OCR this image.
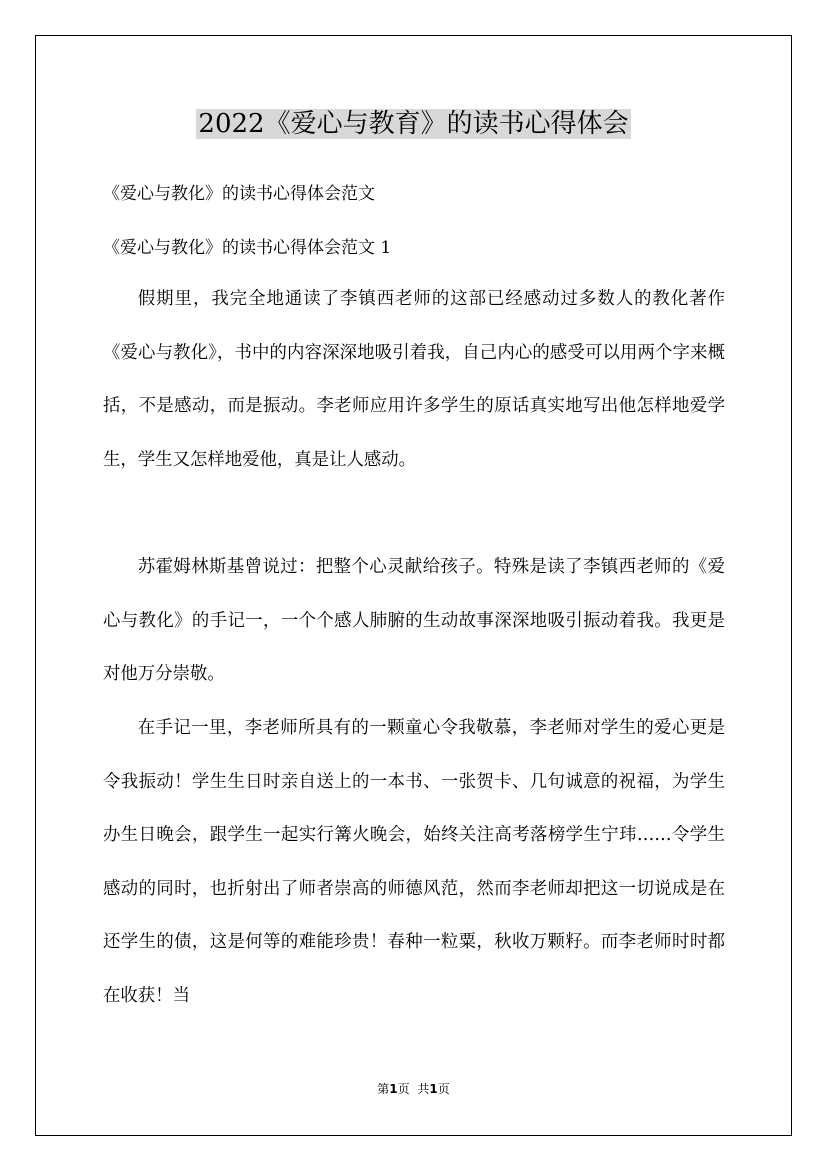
2022《爱心与教育》的读书心得体会
《爱心与教化》的读书心得体会范文
《爱心与教化》的读书心得体会范文 1

假期里，我完全地通读了李镇西老师的这部已经感动过多数人的教化著作《爱心与教化》，书中的内容深深地吸引着我，自己内心的感受可以用两个字来概括，不是感动，而是振动。李老师应用许多学生的原话真实地写出他怎样地爱学生，学生又怎样地爱他，真是让人感动。

苏霍姆林斯基曾说过：把整个心灵献给孩子。特殊是读了李镇西老师的《爱心与教化》的手记一，一个个感人肺腑的生动故事深深地吸引振动着我。我更是对他万分崇敬。

在手记一里，李老师所具有的一颗童心令我敬慕，李老师对学生的爱心更是令我振动！学生生日时亲自送上的一本书、一张贺卡、几句诚意的祝福，为学生办生日晚会，跟学生一起实行篝火晚会，始终关注高考落榜学生宁玮……令学生感动的同时，也折射出了师者崇高的师德风范，然而李老师却把这一切说成是在还学生的债，这是何等的难能珍贵！春种一粒粟，秋收万颗籽。而李老师时时都在收获！当

第1页 共1页
